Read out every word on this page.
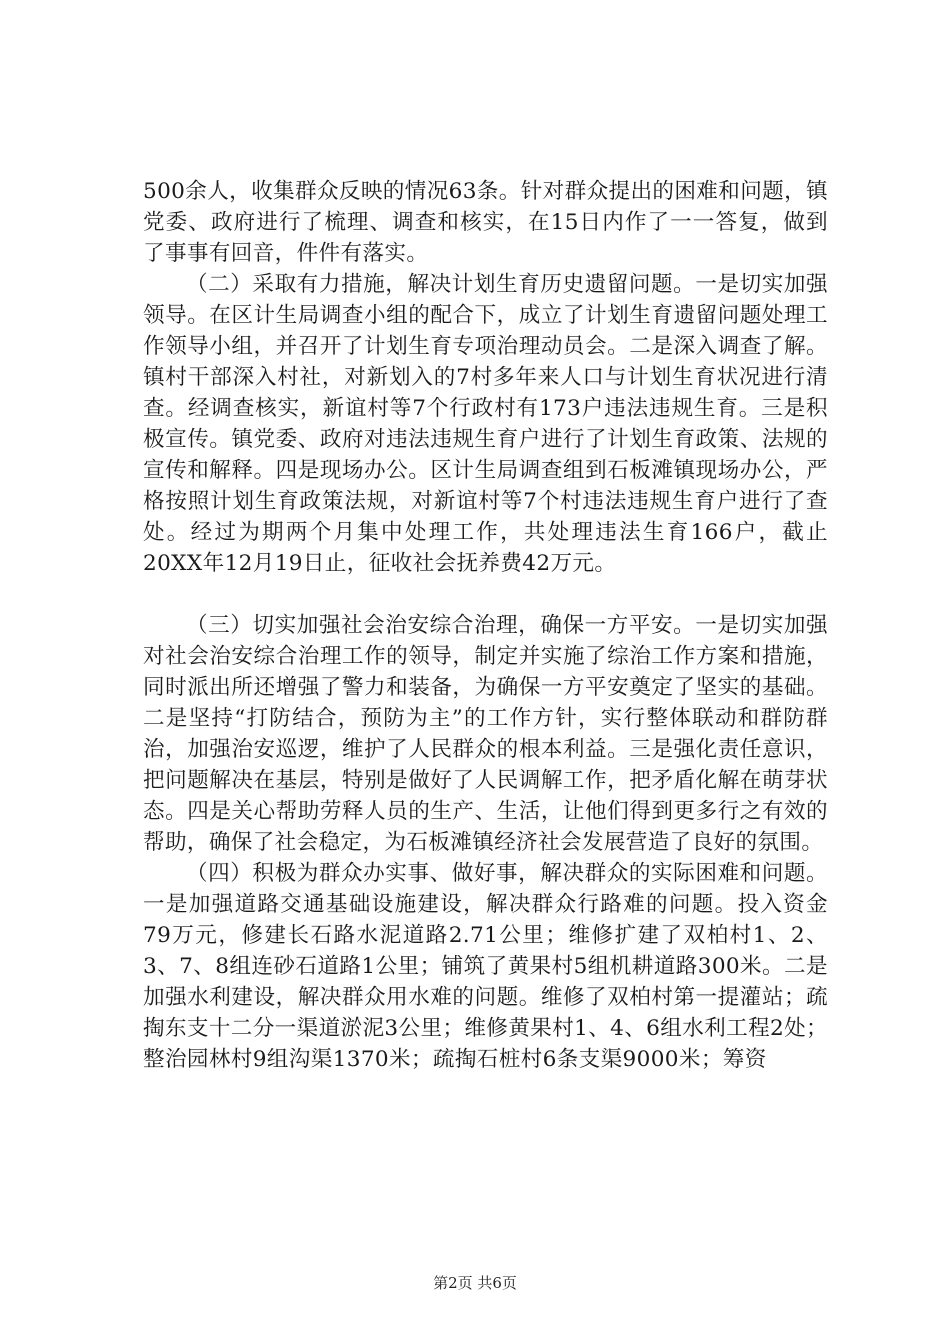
500余人，收集群众反映的情况63条。针对群众提出的困难和问题，镇党委、政府进行了梳理、调查和核实，在15日内作了一一答复，做到了事事有回音，件件有落实。

（二）采取有力措施，解决计划生育历史遗留问题。一是切实加强领导。在区计生局调查小组的配合下，成立了计划生育遗留问题处理工作领导小组，并召开了计划生育专项治理动员会。二是深入调查了解。镇村干部深入村社，对新划入的7村多年来人口与计划生育状况进行清查。经调查核实，新谊村等7个行政村有173户违法违规生育。三是积极宣传。镇党委、政府对违法违规生育户进行了计划生育政策、法规的宣传和解释。四是现场办公。区计生局调查组到石板滩镇现场办公，严格按照计划生育政策法规，对新谊村等7个村违法违规生育户进行了查处。经过为期两个月集中处理工作，共处理违法生育166户，截止20XX年12月19日止，征收社会抚养费42万元。

（三）切实加强社会治安综合治理，确保一方平安。一是切实加强对社会治安综合治理工作的领导，制定并实施了综治工作方案和措施，同时派出所还增强了警力和装备，为确保一方平安奠定了坚实的基础。二是坚持“打防结合，预防为主”的工作方针，实行整体联动和群防群治，加强治安巡逻，维护了人民群众的根本利益。三是强化责任意识，把问题解决在基层，特别是做好了人民调解工作，把矛盾化解在萌芽状态。四是关心帮助劳释人员的生产、生活，让他们得到更多行之有效的帮助，确保了社会稳定，为石板滩镇经济社会发展营造了良好的氛围。

（四）积极为群众办实事、做好事，解决群众的实际困难和问题。一是加强道路交通基础设施建设，解决群众行路难的问题。投入资金79万元，修建长石路水泥道路2.71公里；维修扩建了双柏村1、2、3、7、8组连砂石道路1公里；铺筑了黄果村5组机耕道路300米。二是加强水利建设，解决群众用水难的问题。维修了双柏村第一提灌站；疏掏东支十二分一渠道淤泥3公里；维修黄果村1、4、6组水利工程2处；整治园林村9组沟渠1370米；疏掏石桩村6条支渠9000米；筹资

第2页 共6页
